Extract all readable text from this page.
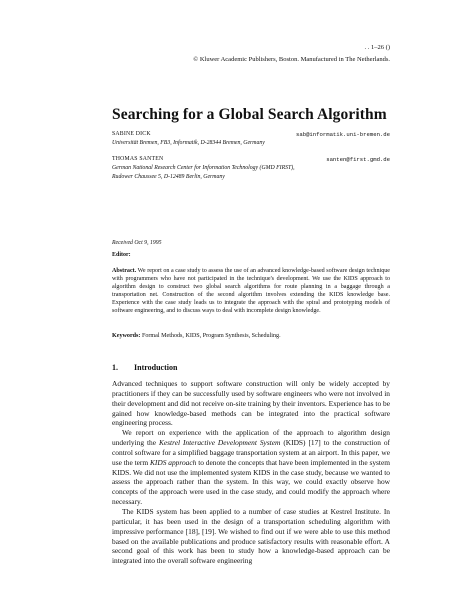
. . 1–26 ()
© Kluwer Academic Publishers, Boston. Manufactured in The Netherlands.
Searching for a Global Search Algorithm
SABINE DICK	sab@informatik.uni-bremen.de
Universität Bremen, FB3, Informatik, D-28344 Bremen, Germany
THOMAS SANTEN	santen@first.gmd.de
German National Research Center for Information Technology (GMD FIRST),
Rudower Chaussee 5, D-12489 Berlin, Germany
Received Oct 9, 1995
Editor:
Abstract. We report on a case study to assess the use of an advanced knowledge-based software design technique with programmers who have not participated in the technique's development. We use the KIDS approach to algorithm design to construct two global search algorithms for route planning in a baggage through a transportation net. Construction of the second algorithm involves extending the KIDS knowledge base. Experience with the case study leads us to integrate the approach with the spiral and prototyping models of software engineering, and to discuss ways to deal with incomplete design knowledge.
Keywords: Formal Methods, KIDS, Program Synthesis, Scheduling.
1. Introduction

Advanced techniques to support software construction will only be widely accepted by practitioners if they can be successfully used by software engineers who were not involved in their development and did not receive on-site training by their inventors. Experience has to be gained how knowledge-based methods can be integrated into the practical software engineering process.

We report on experience with the application of the approach to algorithm design underlying the Kestrel Interactive Development System (KIDS) [17] to the construction of control software for a simplified baggage transportation system at an airport. In this paper, we use the term KIDS approach to denote the concepts that have been implemented in the system KIDS. We did not use the implemented system KIDS in the case study, because we wanted to assess the approach rather than the system. In this way, we could exactly observe how concepts of the approach were used in the case study, and could modify the approach where necessary.

The KIDS system has been applied to a number of case studies at Kestrel Institute. In particular, it has been used in the design of a transportation scheduling algorithm with impressive performance [18], [19]. We wished to find out if we were able to use this method based on the available publications and produce satisfactory results with reasonable effort. A second goal of this work has been to study how a knowledge-based approach can be integrated into the overall software engineering
